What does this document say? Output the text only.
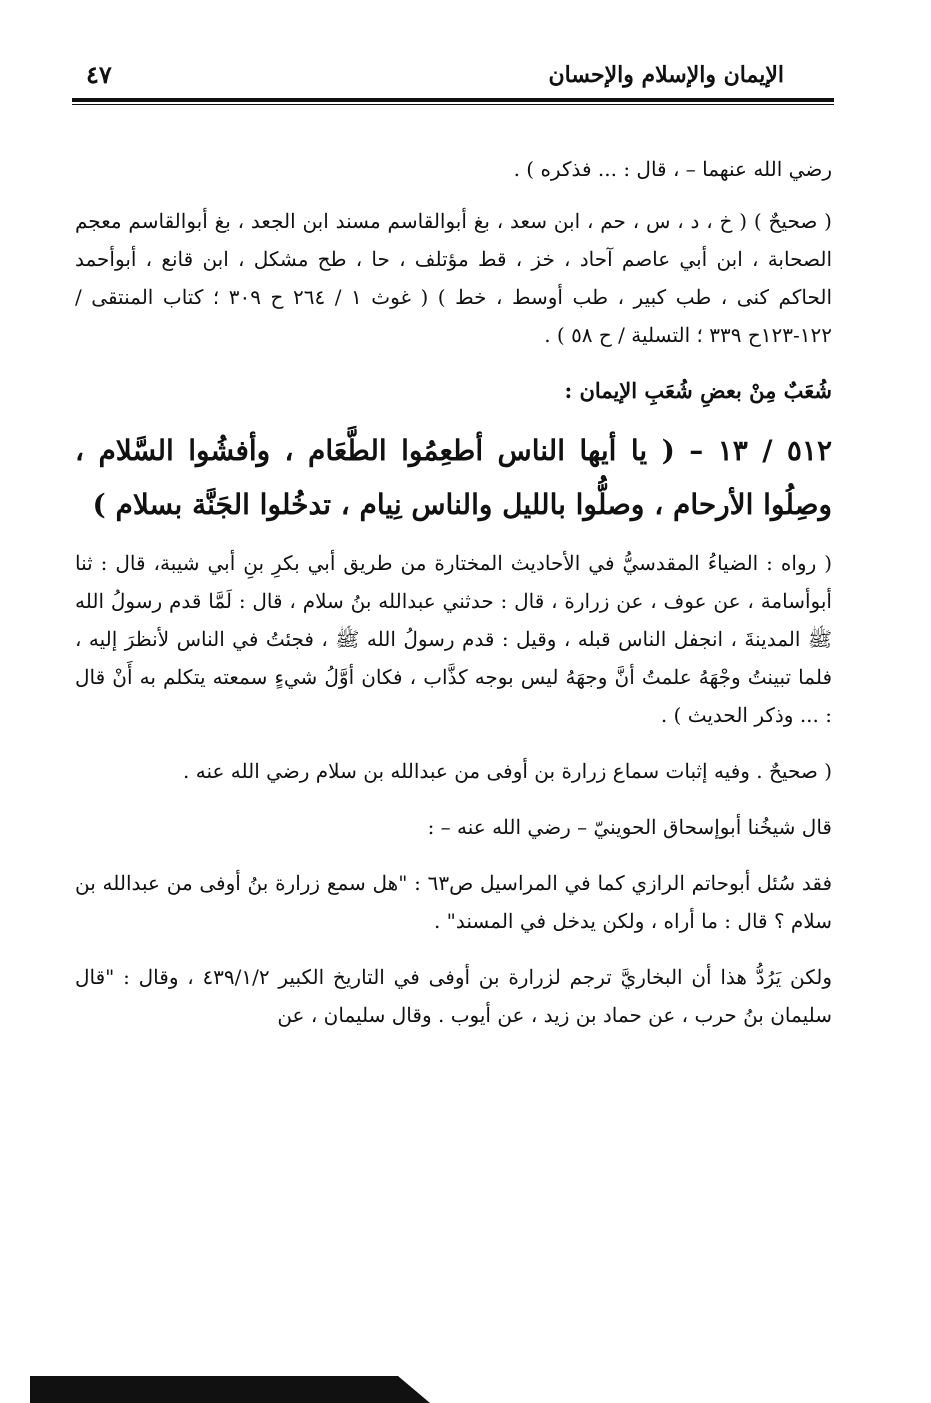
الإيمان والإسلام والإحسان
٤٧

رضي الله عنهما – ، قال : ... فذكره ) .

( صحيحٌ ) ( خ ، د ، س ، حم ، ابن سعد ، بغ أبوالقاسم مسند ابن الجعد ، بغ أبوالقاسم معجم الصحابة ، ابن أبي عاصم آحاد ، خز ، قط مؤتلف ، حا ، طح مشكل ، ابن قانع ، أبوأحمد الحاكم كنى ، طب كبير ، طب أوسط ، خط ) ( غوث ١ / ٢٦٤ ح ٣٠٩ ؛ كتاب المنتقى / ١٢٢-١٢٣ح ٣٣٩ ؛ التسلية / ح ٥٨ ) .

شُعَبٌ مِنْ بعضِ شُعَبِ الإيمان :

٥١٢ / ١٣ – ( يا أيها الناس أطعِمُوا الطَّعَام ، وأفشُوا السَّلام ، وصِلُوا الأرحام ، وصلُّوا بالليل والناس نِيام ، تدخُلوا الجَنَّة بسلام )

( رواه : الضياءُ المقدسيُّ في الأحاديث المختارة من طريق أبي بكرِ بنِ أبي شيبة، قال : ثنا أبوأسامة ، عن عوف ، عن زرارة ، قال : حدثني عبدالله بنُ سلام ، قال : لَمَّا قدم رسولُ الله ﷺ المدينةَ ، انجفل الناس قبله ، وقيل : قدم رسولُ الله ﷺ ، فجئتُ في الناس لأنظرَ إليه ، فلما تبينتُ وجْهَهُ علمتُ أنَّ وجهَهُ ليس بوجه كذَّاب ، فكان أوَّلُ شيءٍ سمعته يتكلم به أَنْ قال : ... وذكر الحديث ) .

( صحيحٌ . وفيه إثبات سماع زرارة بن أوفى من عبدالله بن سلام رضي الله عنه .

قال شيخُنا أبوإسحاق الحوينيّ – رضي الله عنه – :

فقد سُئل أبوحاتم الرازي كما في المراسيل ص٦٣ : "هل سمع زرارة بنُ أوفى من عبدالله بن سلام ؟ قال : ما أراه ، ولكن يدخل في المسند" .

ولكن يَرُدُّ هذا أن البخاريَّ ترجم لزرارة بن أوفى في التاريخ الكبير ٤٣٩/١/٢ ، وقال : "قال سليمان بنُ حرب ، عن حماد بن زيد ، عن أيوب . وقال سليمان ، عن
